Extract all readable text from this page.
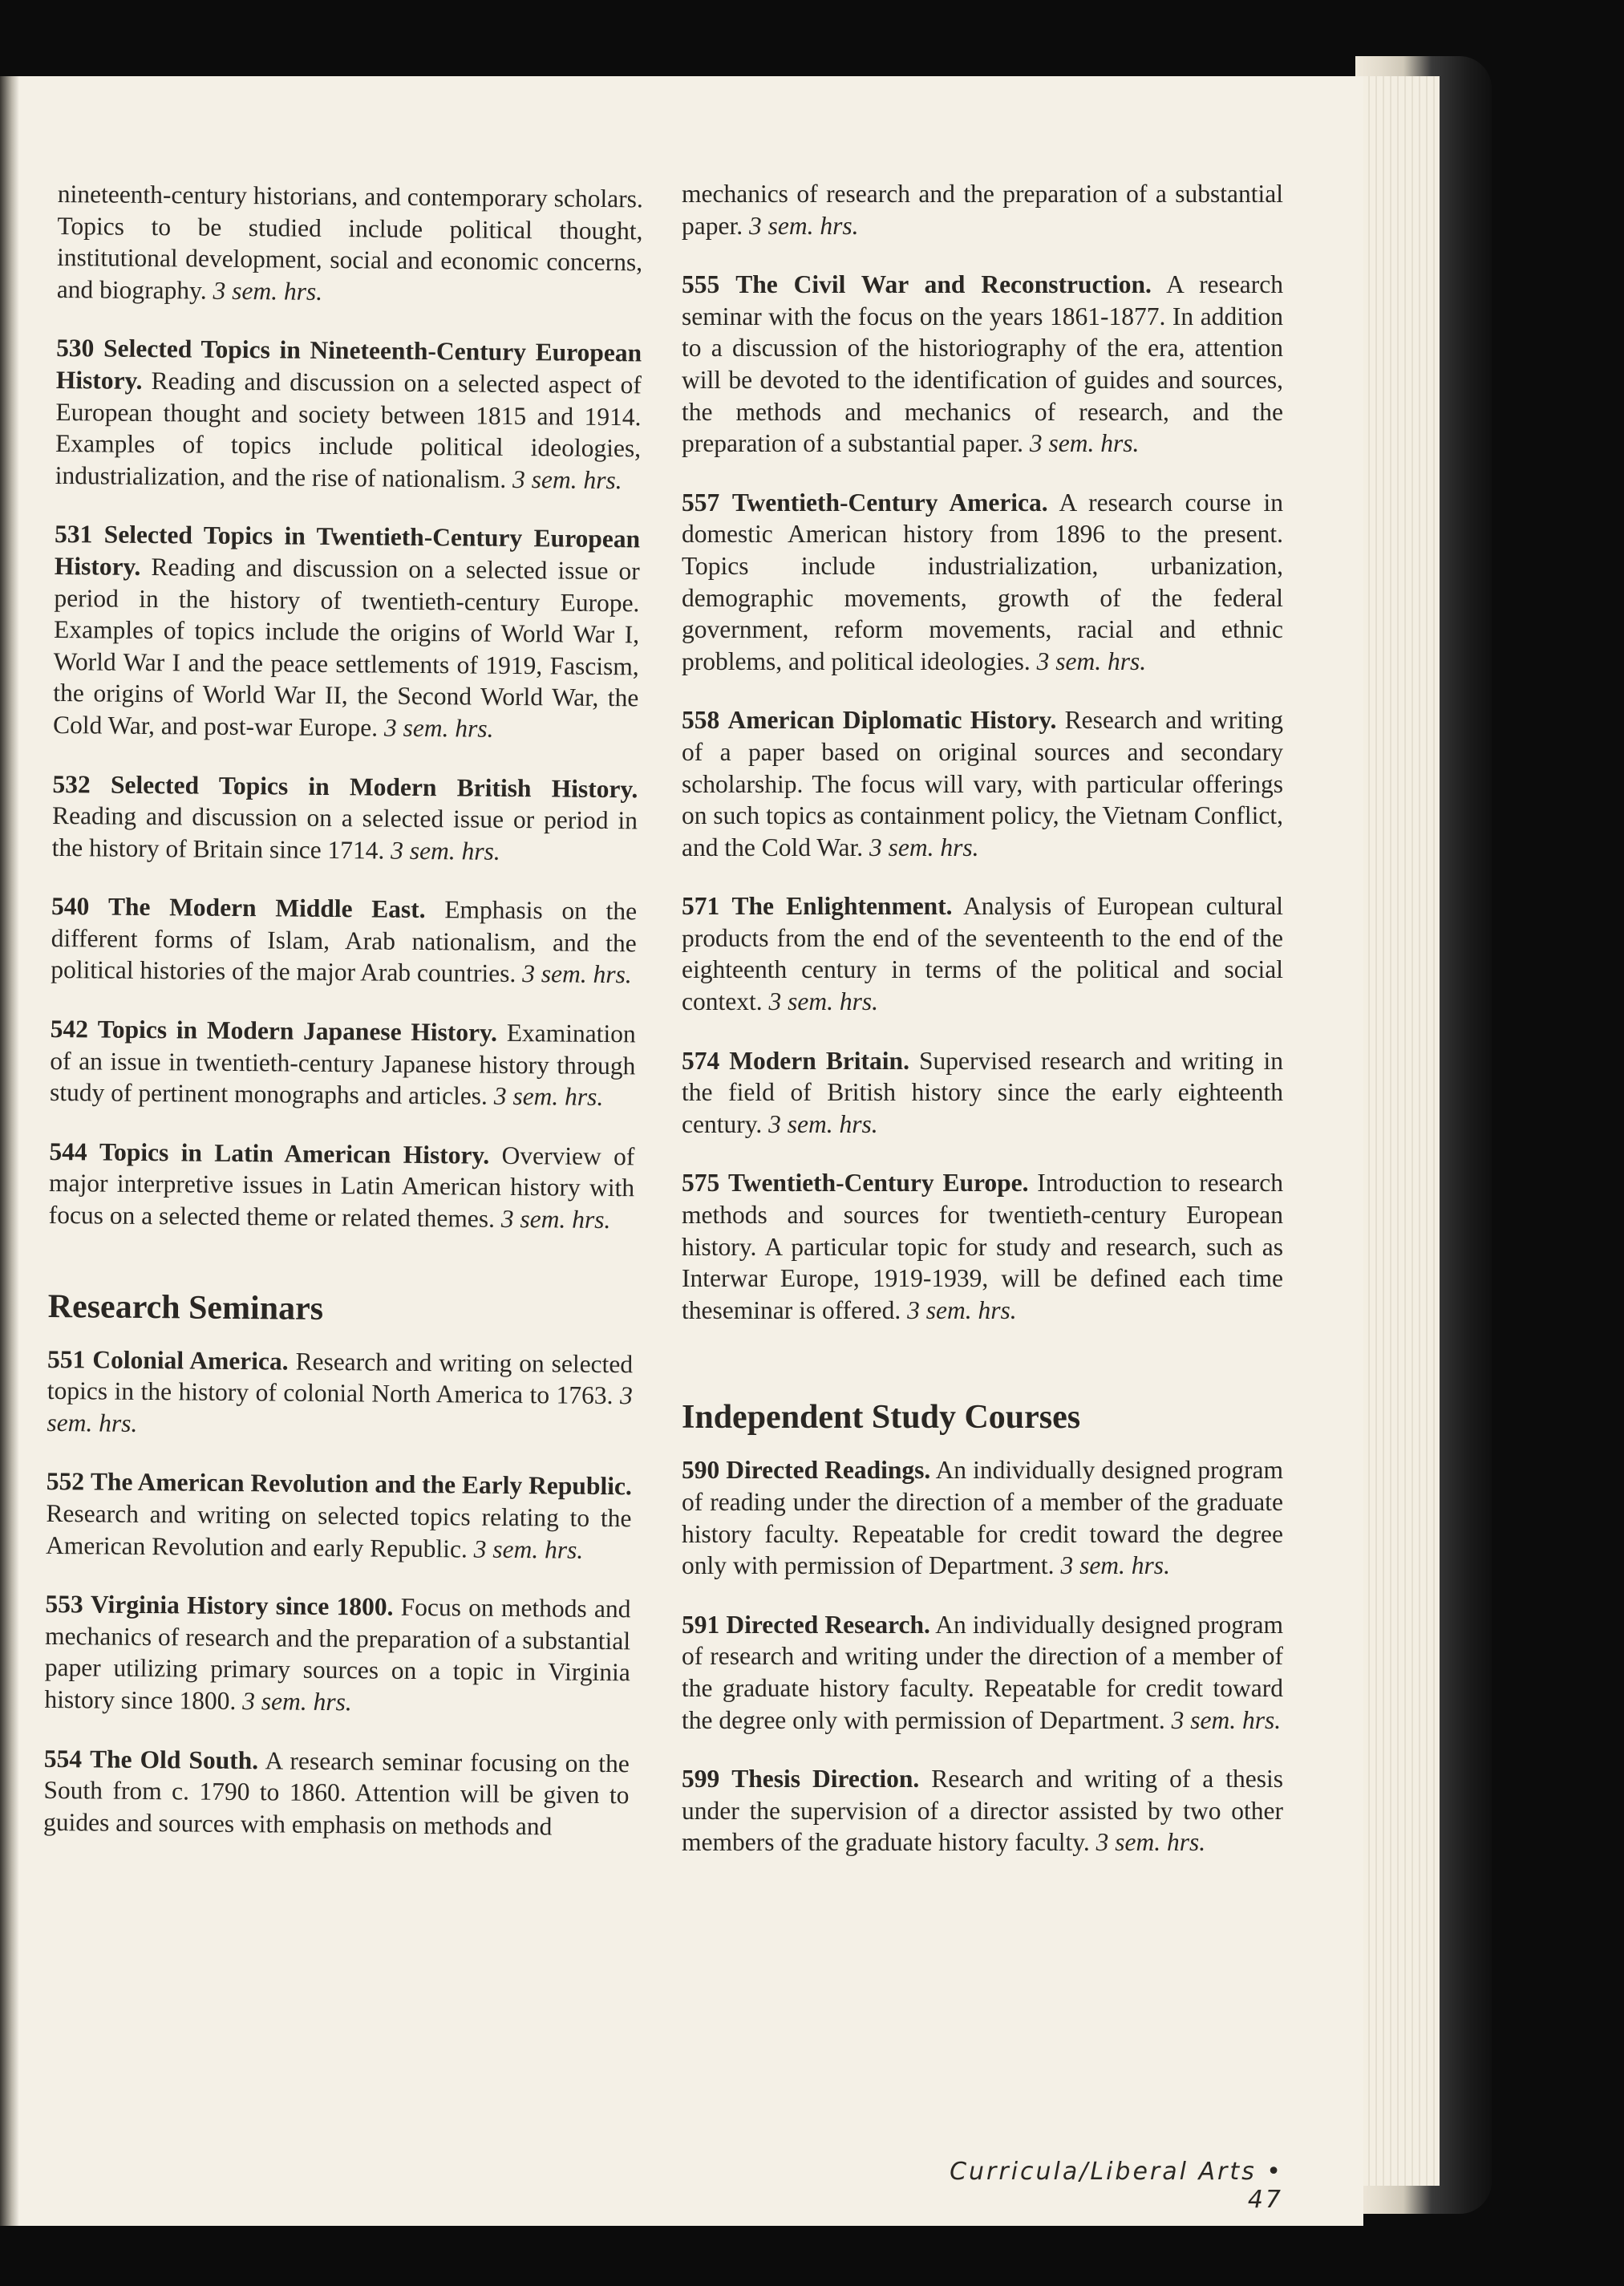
nineteenth-century historians, and contemporary scholars. Topics to be studied include political thought, institutional development, social and economic concerns, and biography. 3 sem. hrs.
530 Selected Topics in Nineteenth-Century European History. Reading and discussion on a selected aspect of European thought and society between 1815 and 1914. Examples of topics include political ideologies, industrialization, and the rise of nationalism. 3 sem. hrs.
531 Selected Topics in Twentieth-Century European History. Reading and discussion on a selected issue or period in the history of twentieth-century Europe. Examples of topics include the origins of World War I, World War I and the peace settlements of 1919, Fascism, the origins of World War II, the Second World War, the Cold War, and post-war Europe. 3 sem. hrs.
532 Selected Topics in Modern British History. Reading and discussion on a selected issue or period in the history of Britain since 1714. 3 sem. hrs.
540 The Modern Middle East. Emphasis on the different forms of Islam, Arab nationalism, and the political histories of the major Arab countries. 3 sem. hrs.
542 Topics in Modern Japanese History. Examination of an issue in twentieth-century Japanese history through study of pertinent monographs and articles. 3 sem. hrs.
544 Topics in Latin American History. Overview of major interpretive issues in Latin American history with focus on a selected theme or related themes. 3 sem. hrs.
Research Seminars
551 Colonial America. Research and writing on selected topics in the history of colonial North America to 1763. 3 sem. hrs.
552 The American Revolution and the Early Republic. Research and writing on selected topics relating to the American Revolution and early Republic. 3 sem. hrs.
553 Virginia History since 1800. Focus on methods and mechanics of research and the preparation of a substantial paper utilizing primary sources on a topic in Virginia history since 1800. 3 sem. hrs.
554 The Old South. A research seminar focusing on the South from c. 1790 to 1860. Attention will be given to guides and sources with emphasis on methods and
mechanics of research and the preparation of a substantial paper. 3 sem. hrs.
555 The Civil War and Reconstruction. A research seminar with the focus on the years 1861-1877. In addition to a discussion of the historiography of the era, attention will be devoted to the identification of guides and sources, the methods and mechanics of research, and the preparation of a substantial paper. 3 sem. hrs.
557 Twentieth-Century America. A research course in domestic American history from 1896 to the present. Topics include industrialization, urbanization, demographic movements, growth of the federal government, reform movements, racial and ethnic problems, and political ideologies. 3 sem. hrs.
558 American Diplomatic History. Research and writing of a paper based on original sources and secondary scholarship. The focus will vary, with particular offerings on such topics as containment policy, the Vietnam Conflict, and the Cold War. 3 sem. hrs.
571 The Enlightenment. Analysis of European cultural products from the end of the seventeenth to the end of the eighteenth century in terms of the political and social context. 3 sem. hrs.
574 Modern Britain. Supervised research and writing in the field of British history since the early eighteenth century. 3 sem. hrs.
575 Twentieth-Century Europe. Introduction to research methods and sources for twentieth-century European history. A particular topic for study and research, such as Interwar Europe, 1919-1939, will be defined each time theseminar is offered. 3 sem. hrs.
Independent Study Courses
590 Directed Readings. An individually designed program of reading under the direction of a member of the graduate history faculty. Repeatable for credit toward the degree only with permission of Department. 3 sem. hrs.
591 Directed Research. An individually designed program of research and writing under the direction of a member of the graduate history faculty. Repeatable for credit toward the degree only with permission of Department. 3 sem. hrs.
599 Thesis Direction. Research and writing of a thesis under the supervision of a director assisted by two other members of the graduate history faculty. 3 sem. hrs.
Curricula/Liberal Arts • 47
